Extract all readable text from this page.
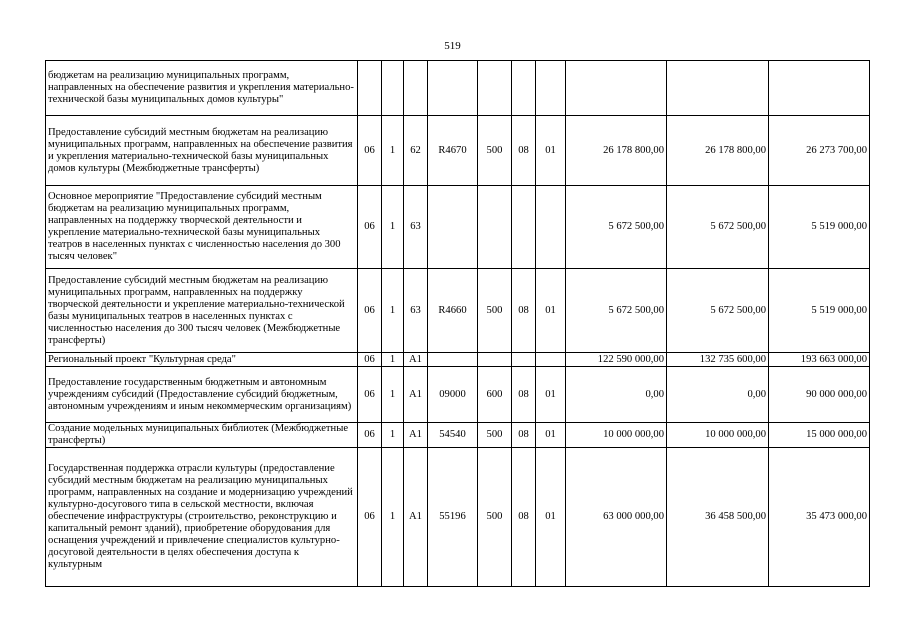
519
бюджетам на реализацию муниципальных программ, направленных на обеспечение развития и укрепления материально-технической базы муниципальных домов культуры"										
Предоставление субсидий местным бюджетам на реализацию муниципальных программ, направленных на обеспечение развития и укрепления материально-технической базы муниципальных домов культуры (Межбюджетные трансферты)	06	1	62	R4670	500	08	01	26 178 800,00	26 178 800,00	26 273 700,00
Основное мероприятие "Предоставление субсидий местным бюджетам на реализацию муниципальных программ, направленных на поддержку творческой деятельности и укрепление материально-технической базы муниципальных театров в населенных пунктах с численностью населения до 300 тысяч человек"	06	1	63					5 672 500,00	5 672 500,00	5 519 000,00
Предоставление субсидий местным бюджетам на реализацию муниципальных программ, направленных на поддержку творческой деятельности и укрепление материально-технической базы муниципальных театров в населенных пунктах с численностью населения до 300 тысяч человек (Межбюджетные трансферты)	06	1	63	R4660	500	08	01	5 672 500,00	5 672 500,00	5 519 000,00
Региональный проект "Культурная среда"	06	1	A1					122 590 000,00	132 735 600,00	193 663 000,00
Предоставление государственным бюджетным и автономным учреждениям субсидий (Предоставление субсидий бюджетным, автономным учреждениям и иным некоммерческим организациям)	06	1	A1	09000	600	08	01	0,00	0,00	90 000 000,00
Создание модельных муниципальных библиотек (Межбюджетные трансферты)	06	1	A1	54540	500	08	01	10 000 000,00	10 000 000,00	15 000 000,00
Государственная поддержка отрасли культуры (предоставление субсидий местным бюджетам на реализацию муниципальных программ, направленных на создание и модернизацию учреждений культурно-досугового типа в сельской местности, включая обеспечение инфраструктуры (строительство, реконструкцию и капитальный ремонт зданий), приобретение оборудования для оснащения учреждений и привлечение специалистов культурно-досуговой деятельности в целях обеспечения доступа к культурным	06	1	A1	55196	500	08	01	63 000 000,00	36 458 500,00	35 473 000,00
